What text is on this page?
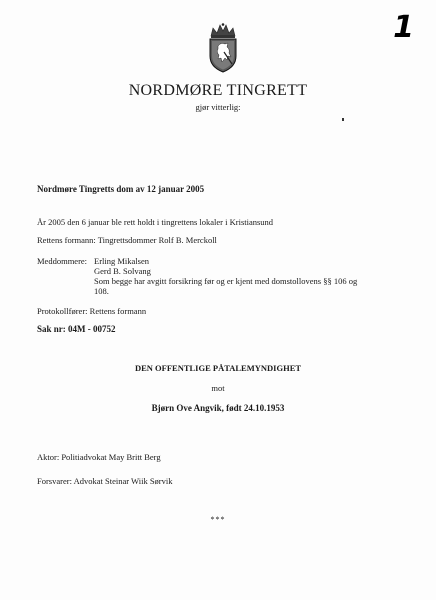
1
NORDMØRE TINGRETT
gjør vitterlig:
Nordmøre Tingretts dom av 12 januar 2005
År 2005 den 6 januar ble rett holdt i tingrettens lokaler i Kristiansund
Rettens formann: Tingrettsdommer Rolf B. Merckoll
Meddommere: Erling Mikalsen
Gerd B. Solvang
Som begge har avgitt forsikring før og er kjent med domstollovens §§ 106 og
108.
Protokollfører: Rettens formann
Sak nr: 04M - 00752
DEN OFFENTLIGE PÅTALEMYNDIGHET
mot
Bjørn Ove Angvik, født 24.10.1953
Aktor: Politiadvokat May Britt Berg
Forsvarer: Advokat Steinar Wiik Sørvik
***
